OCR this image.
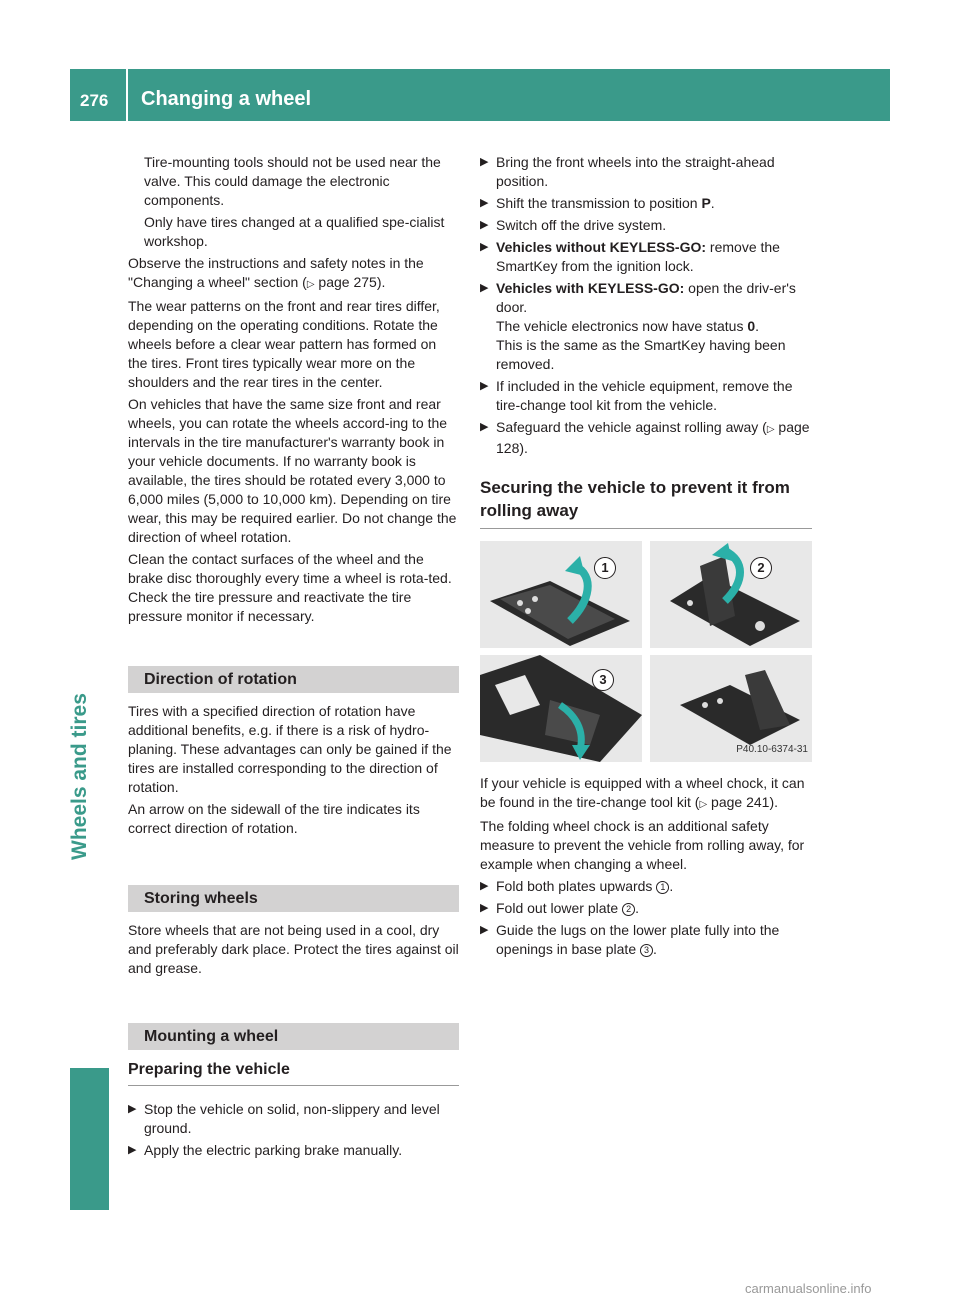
276	Changing a wheel
Wheels and tires

Tire-mounting tools should not be used near the valve. This could damage the electronic components.

Only have tires changed at a qualified spe-cialist workshop.

Observe the instructions and safety notes in the "Changing a wheel" section (▷ page 275).

The wear patterns on the front and rear tires differ, depending on the operating conditions. Rotate the wheels before a clear wear pattern has formed on the tires. Front tires typically wear more on the shoulders and the rear tires in the center.

On vehicles that have the same size front and rear wheels, you can rotate the wheels accord-ing to the intervals in the tire manufacturer's warranty book in your vehicle documents. If no warranty book is available, the tires should be rotated every 3,000 to 6,000 miles (5,000 to 10,000 km). Depending on tire wear, this may be required earlier. Do not change the direction of wheel rotation.

Clean the contact surfaces of the wheel and the brake disc thoroughly every time a wheel is rota-ted. Check the tire pressure and reactivate the tire pressure monitor if necessary.

Direction of rotation

Tires with a specified direction of rotation have additional benefits, e.g. if there is a risk of hydro-planing. These advantages can only be gained if the tires are installed corresponding to the direction of rotation.

An arrow on the sidewall of the tire indicates its correct direction of rotation.

Storing wheels

Store wheels that are not being used in a cool, dry and preferably dark place. Protect the tires against oil and grease.

Mounting a wheel
Preparing the vehicle
▶ Stop the vehicle on solid, non-slippery and level ground.
▶ Apply the electric parking brake manually.
▶ Bring the front wheels into the straight-ahead position.
▶ Shift the transmission to position P.
▶ Switch off the drive system.
▶ Vehicles without KEYLESS-GO: remove the SmartKey from the ignition lock.
▶ Vehicles with KEYLESS-GO: open the driv-er's door.
The vehicle electronics now have status 0.
This is the same as the SmartKey having been removed.
▶ If included in the vehicle equipment, remove the tire-change tool kit from the vehicle.
▶ Safeguard the vehicle against rolling away (▷ page 128).
Securing the vehicle to prevent it from rolling away
1	2
3
P40.10-6374-31

If your vehicle is equipped with a wheel chock, it can be found in the tire-change tool kit (▷ page 241).

The folding wheel chock is an additional safety measure to prevent the vehicle from rolling away, for example when changing a wheel.

▶ Fold both plates upwards 1 .
▶ Fold out lower plate 2 .
▶ Guide the lugs on the lower plate fully into the openings in base plate 3 .
carmanualsonline.info
